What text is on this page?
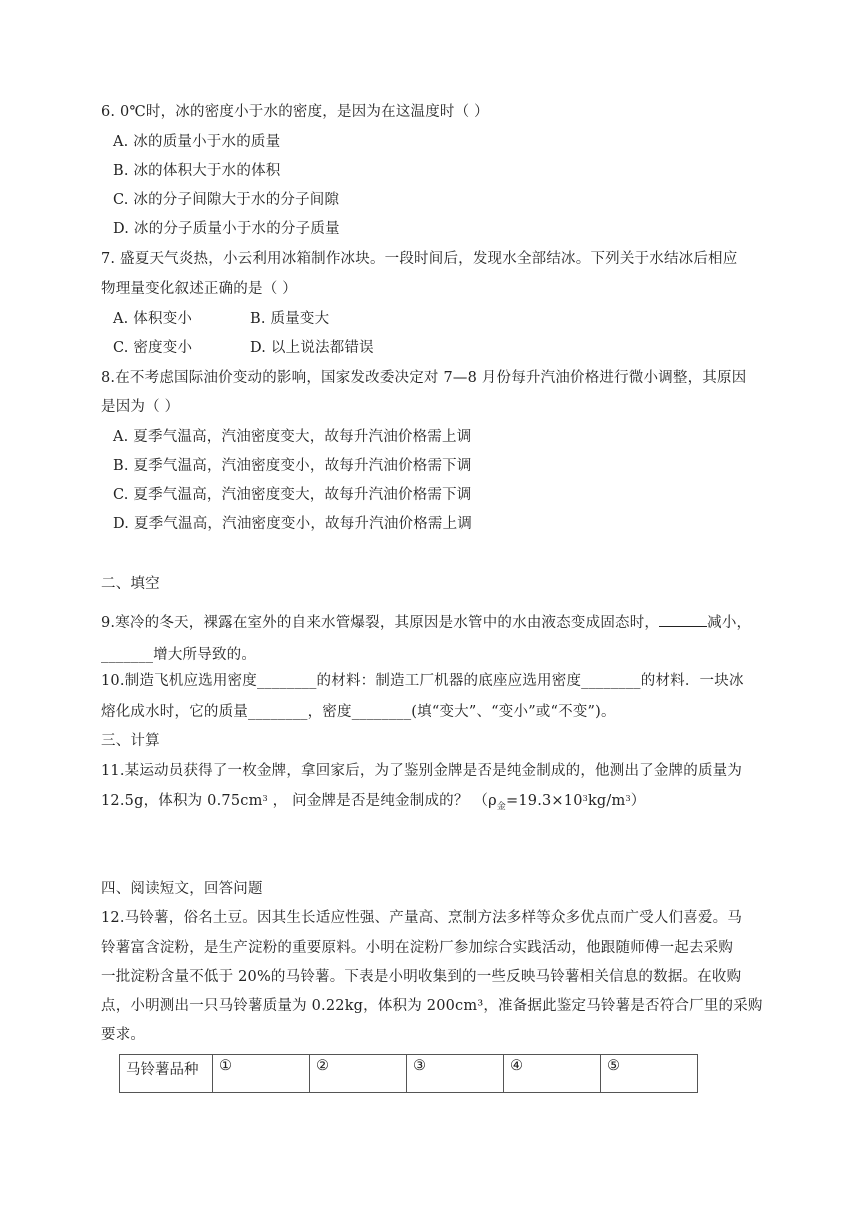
6. 0℃时，冰的密度小于水的密度，是因为在这温度时（ ）
A. 冰的质量小于水的质量
B. 冰的体积大于水的体积
C. 冰的分子间隙大于水的分子间隙
D. 冰的分子质量小于水的分子质量
7. 盛夏天气炎热，小云利用冰箱制作冰块。一段时间后，发现水全部结冰。下列关于水结冰后相应
物理量变化叙述正确的是（ ）
A. 体积变小	B. 质量变大
C. 密度变小	D. 以上说法都错误
8.在不考虑国际油价变动的影响，国家发改委决定对 7—8 月份每升汽油价格进行微小调整，其原因
是因为（ ）
A. 夏季气温高，汽油密度变大，故每升汽油价格需上调
B. 夏季气温高，汽油密度变小，故每升汽油价格需下调
C. 夏季气温高，汽油密度变大，故每升汽油价格需下调
D. 夏季气温高，汽油密度变小，故每升汽油价格需上调
二、填空
9.寒冷的冬天，裸露在室外的自来水管爆裂，其原因是水管中的水由液态变成固态时，	减小，
_______增大所导致的。
10.制造飞机应选用密度________的材料：制造工厂机器的底座应选用密度________的材料．一块冰
熔化成水时，它的质量________，密度________(填“变大”、“变小”或“不变”)。
三、计算
11.某运动员获得了一枚金牌，拿回家后，为了鉴别金牌是否是纯金制成的，他测出了金牌的质量为
12.5g，体积为 $0.75cm^3$ ， 问金牌是否是纯金制成的？ $(\rho_金=19.3\times 10^3kg/m^3)$
四、阅读短文，回答问题
12.马铃薯，俗名土豆。因其生长适应性强、产量高、烹制方法多样等众多优点而广受人们喜爱。马
铃薯富含淀粉，是生产淀粉的重要原料。小明在淀粉厂参加综合实践活动，他跟随师傅一起去采购
一批淀粉含量不低于 20%的马铃薯。下表是小明收集到的一些反映马铃薯相关信息的数据。在收购
点，小明测出一只马铃薯质量为 0.22kg，体积为 200cm³，准备据此鉴定马铃薯是否符合厂里的采购
要求。
马铃薯品种	①	②	③	④	⑤
